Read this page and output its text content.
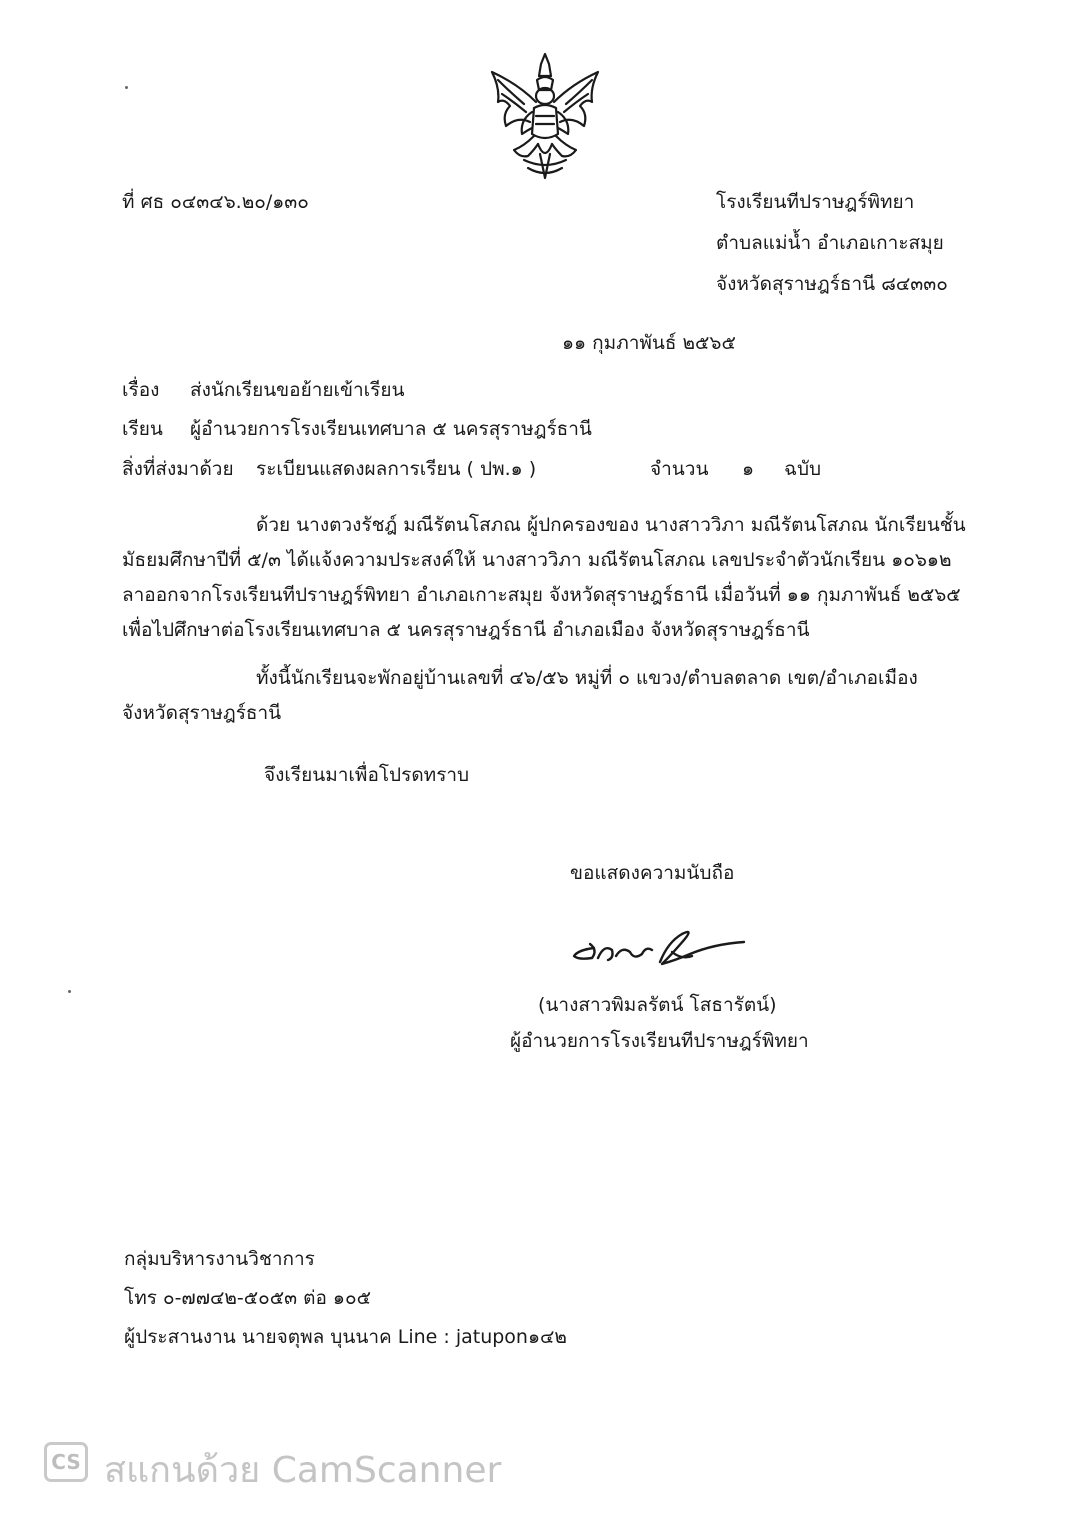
ที่ ศธ ๐๔๓๔๖.๒๐/๑๓๐	โรงเรียนทีปราษฎร์พิทยา
ตำบลแม่น้ำ อำเภอเกาะสมุย
จังหวัดสุราษฎร์ธานี ๘๔๓๓๐
๑๑ กุมภาพันธ์ ๒๕๖๕
เรื่อง ส่งนักเรียนขอย้ายเข้าเรียน
เรียน ผู้อำนวยการโรงเรียนเทศบาล ๕ นครสุราษฎร์ธานี
สิ่งที่ส่งมาด้วย ระเบียนแสดงผลการเรียน ( ปพ.๑ )	จำนวน ๑ ฉบับ
ด้วย นางตวงรัชฎ์ มณีรัตนโสภณ ผู้ปกครองของ นางสาววิภา มณีรัตนโสภณ นักเรียนชั้น
มัธยมศึกษาปีที่ ๕/๓ ได้แจ้งความประสงค์ให้ นางสาววิภา มณีรัตนโสภณ เลขประจำตัวนักเรียน ๑๐๖๑๒
ลาออกจากโรงเรียนทีปราษฎร์พิทยา อำเภอเกาะสมุย จังหวัดสุราษฎร์ธานี เมื่อวันที่ ๑๑ กุมภาพันธ์ ๒๕๖๕
เพื่อไปศึกษาต่อโรงเรียนเทศบาล ๕ นครสุราษฎร์ธานี อำเภอเมือง จังหวัดสุราษฎร์ธานี
ทั้งนี้นักเรียนจะพักอยู่บ้านเลขที่ ๔๖/๕๖ หมู่ที่ ๐ แขวง/ตำบลตลาด เขต/อำเภอเมือง
จังหวัดสุราษฎร์ธานี
จึงเรียนมาเพื่อโปรดทราบ
ขอแสดงความนับถือ
(นางสาวพิมลรัตน์ โสธารัตน์)
ผู้อำนวยการโรงเรียนทีปราษฎร์พิทยา
กลุ่มบริหารงานวิชาการ
โทร ๐-๗๗๔๒-๕๐๕๓ ต่อ ๑๐๕
ผู้ประสานงาน นายจตุพล บุนนาค Line : jatupon๑๔๒
CS สแกนด้วย CamScanner
